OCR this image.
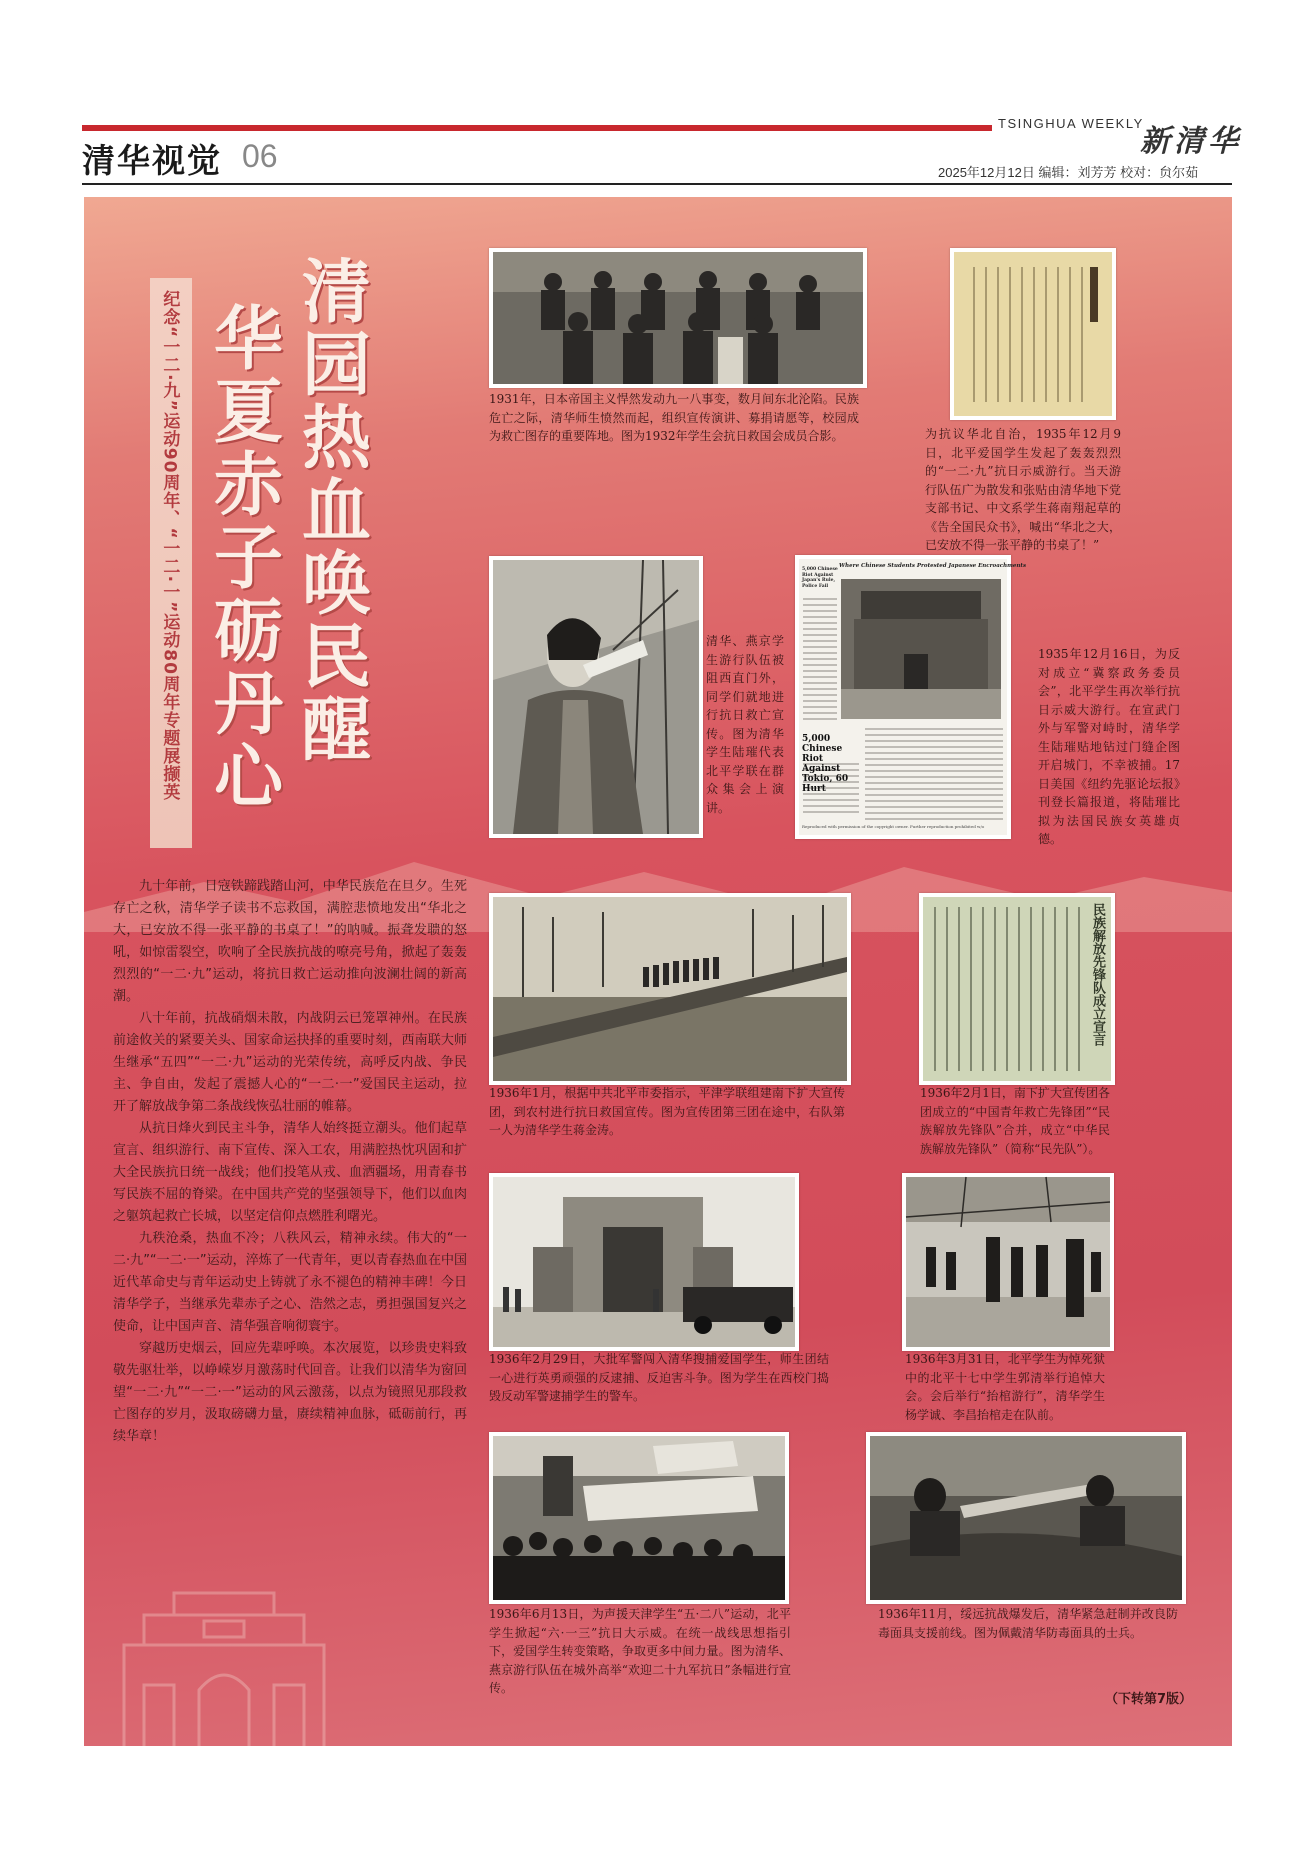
TSINGHUA WEEKLY
新清华
清华视觉 06	2025年12月12日 编辑：刘芳芳 校对：贠尔茹
纪念“一二·九”运动90周年、“一二·一”运动80周年专题展撷英 华夏赤子砺丹心 清园热血唤民醒

九十年前，日寇铁蹄践踏山河，中华民族危在旦夕。生死存亡之秋，清华学子读书不忘救国，满腔悲愤地发出“华北之大，已安放不得一张平静的书桌了！”的呐喊。振聋发聩的怒吼，如惊雷裂空，吹响了全民族抗战的嘹亮号角，掀起了轰轰烈烈的“一二·九”运动，将抗日救亡运动推向波澜壮阔的新高潮。

八十年前，抗战硝烟未散，内战阴云已笼罩神州。在民族前途攸关的紧要关头、国家命运抉择的重要时刻，西南联大师生继承“五四”“一二·九”运动的光荣传统，高呼反内战、争民主、争自由，发起了震撼人心的“一二·一”爱国民主运动，拉开了解放战争第二条战线恢弘壮丽的帷幕。

从抗日烽火到民主斗争，清华人始终挺立潮头。他们起草宣言、组织游行、南下宣传、深入工农，用满腔热忱巩固和扩大全民族抗日统一战线；他们投笔从戎、血洒疆场，用青春书写民族不屈的脊梁。在中国共产党的坚强领导下，他们以血肉之躯筑起救亡长城，以坚定信仰点燃胜利曙光。

九秩沧桑，热血不冷；八秩风云，精神永续。伟大的“一二·九”“一二·一”运动，淬炼了一代青年，更以青春热血在中国近代革命史与青年运动史上铸就了永不褪色的精神丰碑！今日清华学子，当继承先辈赤子之心、浩然之志，勇担强国复兴之使命，让中国声音、清华强音响彻寰宇。

穿越历史烟云，回应先辈呼唤。本次展览，以珍贵史料致敬先驱壮举，以峥嵘岁月激荡时代回音。让我们以清华为窗回望“一二·九”“一二·一”运动的风云激荡，以点为镜照见那段救亡图存的岁月，汲取磅礴力量，赓续精神血脉，砥砺前行，再续华章！

1931年，日本帝国主义悍然发动九一八事变，数月间东北沦陷。民族危亡之际，清华师生愤然而起，组织宣传演讲、募捐请愿等，校园成为救亡图存的重要阵地。图为1932年学生会抗日救国会成员合影。	为抗议华北自治，1935年12月9日，北平爱国学生发起了轰轰烈烈的“一二·九”抗日示威游行。当天游行队伍广为散发和张贴由清华地下党支部书记、中文系学生蒋南翔起草的《告全国民众书》，喊出“华北之大，已安放不得一张平静的书桌了！”
清华、燕京学生游行队伍被阻西直门外，同学们就地进行抗日救亡宣传。图为清华学生陆璀代表北平学联在群众集会上演讲。
Where Chinese Students Protested Japanese Encroachments
5,000 Chinese Riot Against Japan's Rule, Police Fail
5,000 Chinese Riot Against Tokio, 60 Hurt
Reproduced with permission of the copyright owner. Further reproduction prohibited w/o
1935年12月16日，为反对成立“冀察政务委员会”，北平学生再次举行抗日示威大游行。在宣武门外与军警对峙时，清华学生陆璀贴地钻过门缝企图开启城门，不幸被捕。17日美国《纽约先驱论坛报》刊登长篇报道，将陆璀比拟为法国民族女英雄贞德。
1936年1月，根据中共北平市委指示，平津学联组建南下扩大宣传团，到农村进行抗日救国宣传。图为宣传团第三团在途中，右队第一人为清华学生蒋金涛。
民族解放先锋队成立宣言
1936年2月1日，南下扩大宣传团各团成立的“中国青年救亡先锋团”“民族解放先锋队”合并，成立“中华民族解放先锋队”（简称“民先队”）。
1936年2月29日，大批军警闯入清华搜捕爱国学生，师生团结一心进行英勇顽强的反逮捕、反迫害斗争。图为学生在西校门捣毁反动军警逮捕学生的警车。
1936年3月31日，北平学生为悼死狱中的北平十七中学生郭清举行追悼大会。会后举行“抬棺游行”，清华学生杨学诚、李昌抬棺走在队前。
1936年6月13日，为声援天津学生“五·二八”运动，北平学生掀起“六·一三”抗日大示威。在统一战线思想指引下，爱国学生转变策略，争取更多中间力量。图为清华、燕京游行队伍在城外高举“欢迎二十九军抗日”条幅进行宣传。
1936年11月，绥远抗战爆发后，清华紧急赶制并改良防毒面具支援前线。图为佩戴清华防毒面具的士兵。
（下转第7版）
